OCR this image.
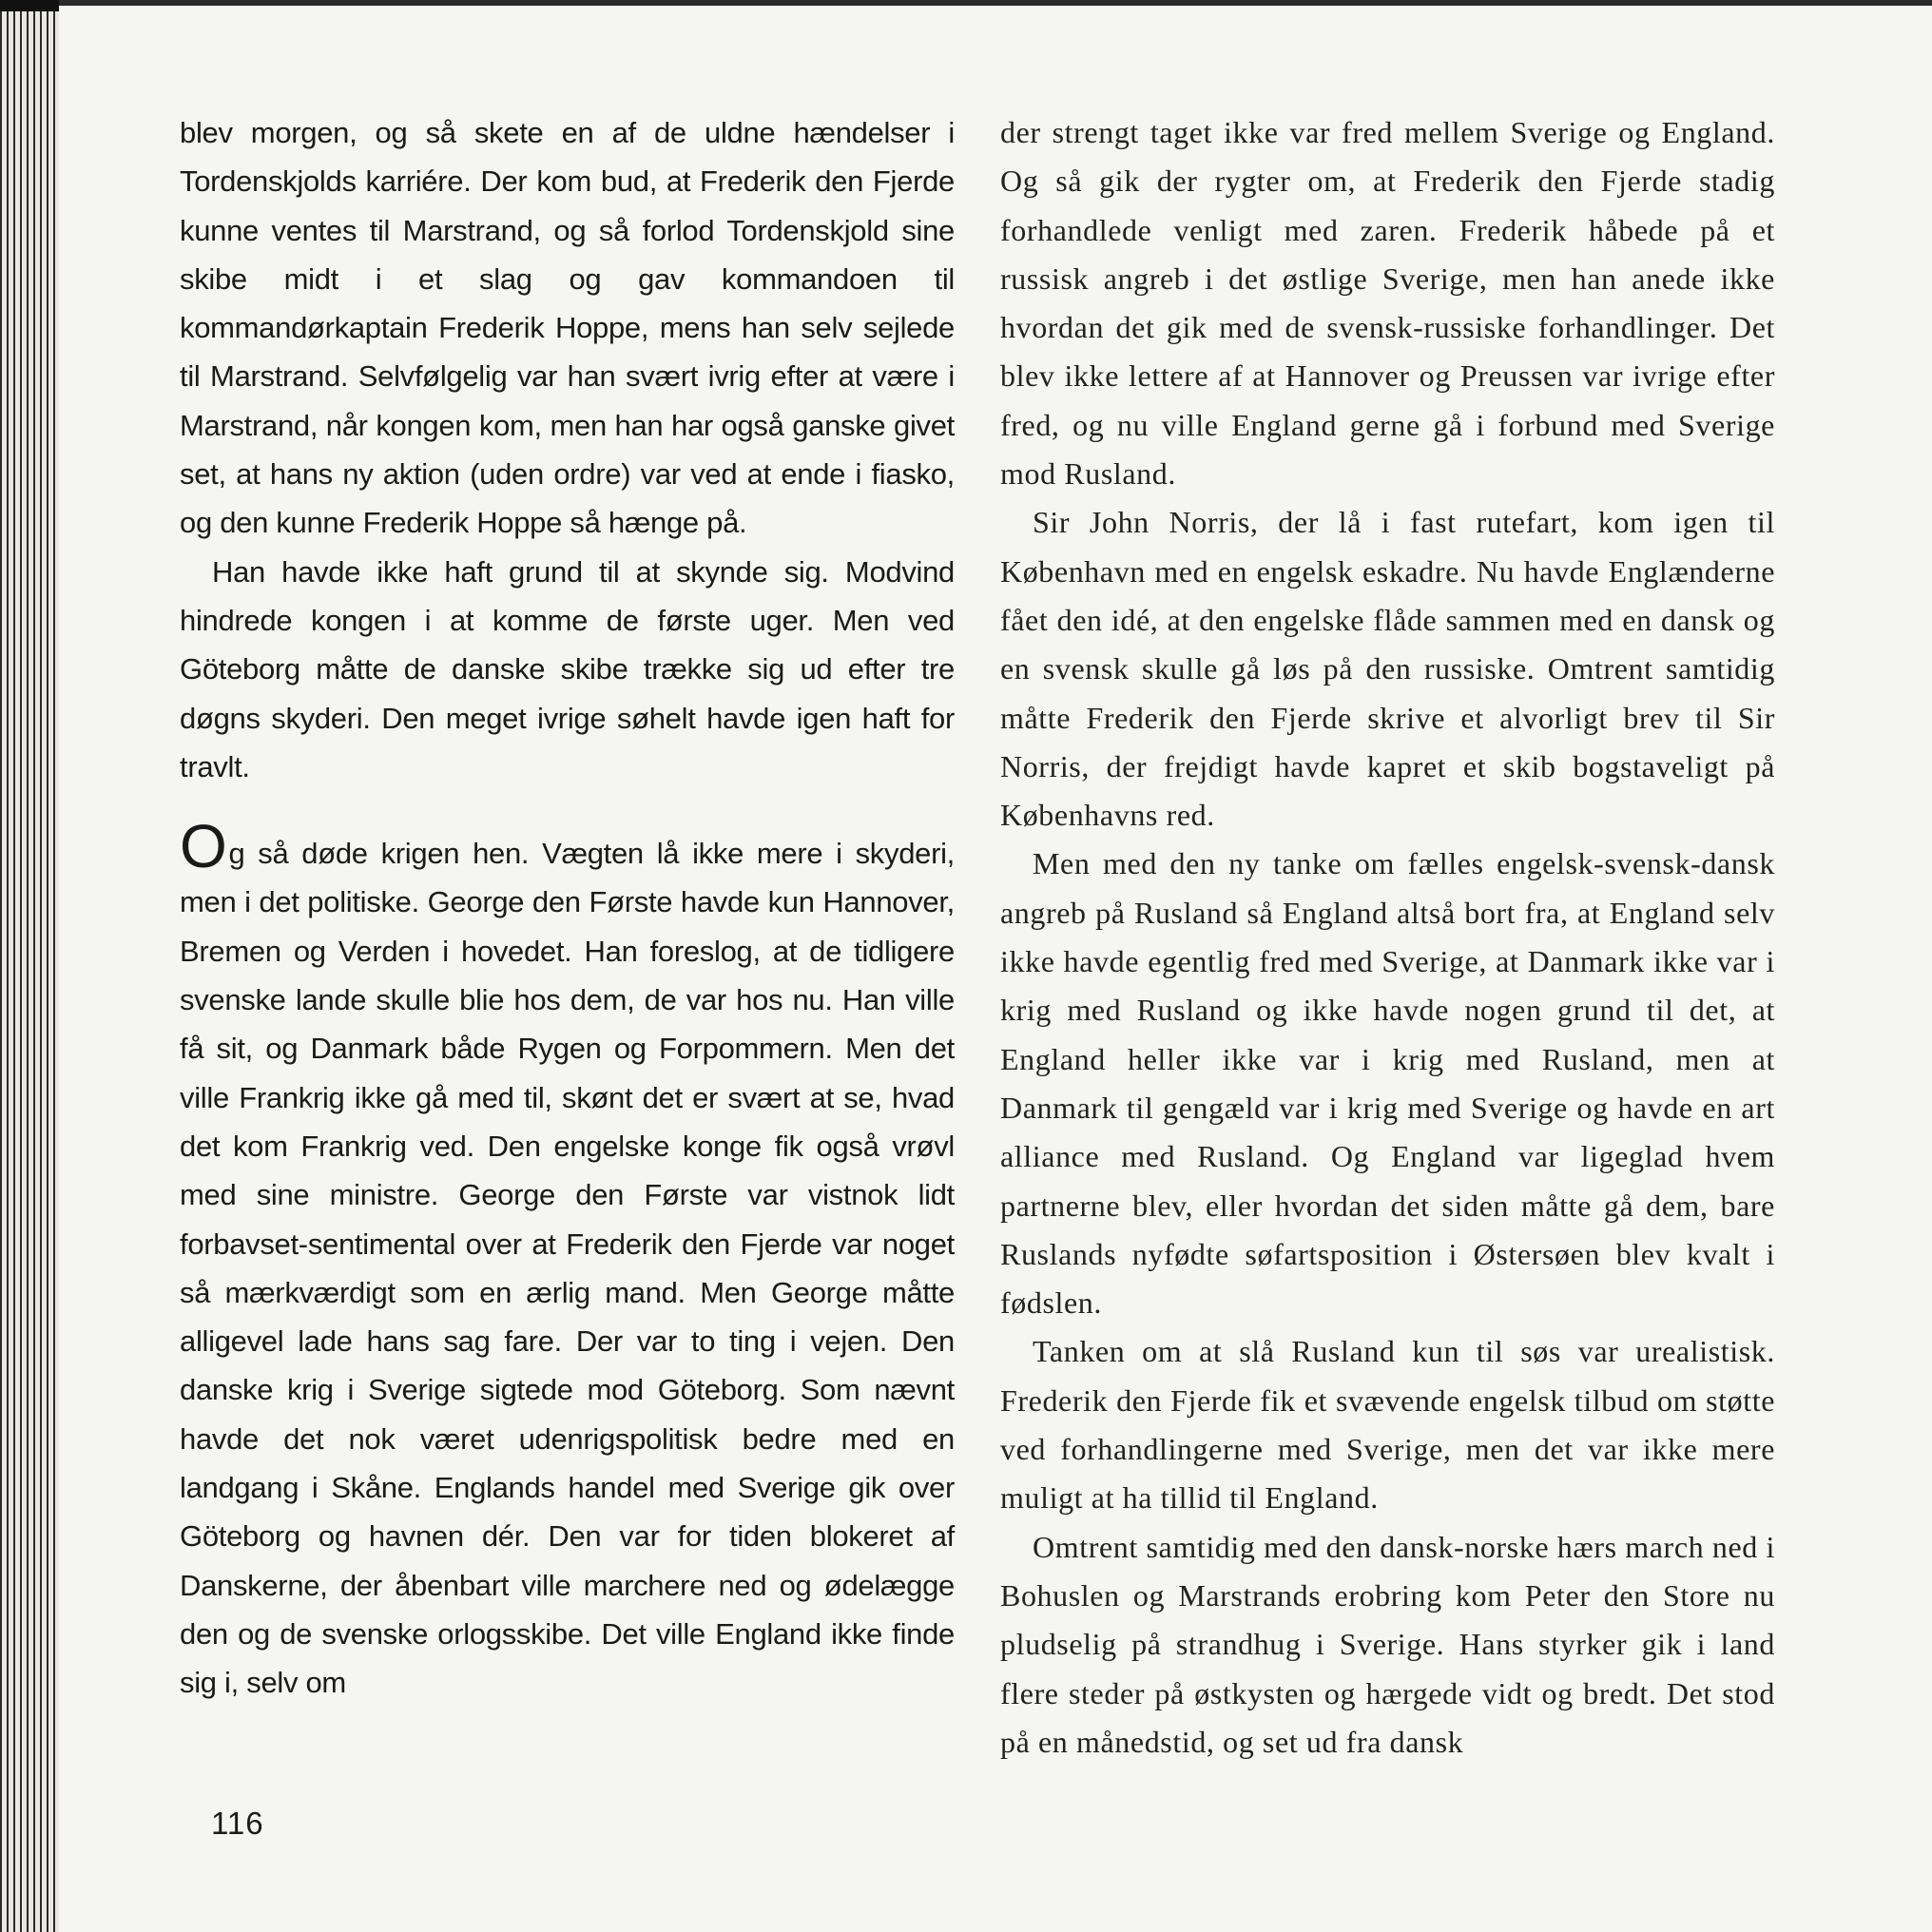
blev morgen, og så skete en af de uldne hændelser i Tordenskjolds karriére. Der kom bud, at Frederik den Fjerde kunne ventes til Marstrand, og så forlod Tordenskjold sine skibe midt i et slag og gav kommandoen til kommandørkaptain Frederik Hoppe, mens han selv sejlede til Marstrand. Selvfølgelig var han svært ivrig efter at være i Marstrand, når kongen kom, men han har også ganske givet set, at hans ny aktion (uden ordre) var ved at ende i fiasko, og den kunne Frederik Hoppe så hænge på.

Han havde ikke haft grund til at skynde sig. Modvind hindrede kongen i at komme de første uger. Men ved Göteborg måtte de danske skibe trække sig ud efter tre døgns skyderi. Den meget ivrige søhelt havde igen haft for travlt.

Og så døde krigen hen. Vægten lå ikke mere i skyderi, men i det politiske. George den Første havde kun Hannover, Bremen og Verden i hovedet. Han foreslog, at de tidligere svenske lande skulle blie hos dem, de var hos nu. Han ville få sit, og Danmark både Rygen og Forpommern. Men det ville Frankrig ikke gå med til, skønt det er svært at se, hvad det kom Frankrig ved. Den engelske konge fik også vrøvl med sine ministre. George den Første var vistnok lidt forbavset-sentimental over at Frederik den Fjerde var noget så mærkværdigt som en ærlig mand. Men George måtte alligevel lade hans sag fare. Der var to ting i vejen. Den danske krig i Sverige sigtede mod Göteborg. Som nævnt havde det nok været udenrigspolitisk bedre med en landgang i Skåne. Englands handel med Sverige gik over Göteborg og havnen dér. Den var for tiden blokeret af Danskerne, der åbenbart ville marchere ned og ødelægge den og de svenske orlogsskibe. Det ville England ikke finde sig i, selv om

der strengt taget ikke var fred mellem Sverige og England. Og så gik der rygter om, at Frederik den Fjerde stadig forhandlede venligt med zaren. Frederik håbede på et russisk angreb i det østlige Sverige, men han anede ikke hvordan det gik med de svensk-russiske forhandlinger. Det blev ikke lettere af at Hannover og Preussen var ivrige efter fred, og nu ville England gerne gå i forbund med Sverige mod Rusland.

Sir John Norris, der lå i fast rutefart, kom igen til København med en engelsk eskadre. Nu havde Englænderne fået den idé, at den engelske flåde sammen med en dansk og en svensk skulle gå løs på den russiske. Omtrent samtidig måtte Frederik den Fjerde skrive et alvorligt brev til Sir Norris, der frejdigt havde kapret et skib bogstaveligt på Københavns red.

Men med den ny tanke om fælles engelsk-svensk-dansk angreb på Rusland så England altså bort fra, at England selv ikke havde egentlig fred med Sverige, at Danmark ikke var i krig med Rusland og ikke havde nogen grund til det, at England heller ikke var i krig med Rusland, men at Danmark til gengæld var i krig med Sverige og havde en art alliance med Rusland. Og England var ligeglad hvem partnerne blev, eller hvordan det siden måtte gå dem, bare Ruslands nyfødte søfartsposition i Østersøen blev kvalt i fødslen.

Tanken om at slå Rusland kun til søs var urealistisk. Frederik den Fjerde fik et svævende engelsk tilbud om støtte ved forhandlingerne med Sverige, men det var ikke mere muligt at ha tillid til England.

Omtrent samtidig med den dansk-norske hærs march ned i Bohuslen og Marstrands erobring kom Peter den Store nu pludselig på strandhug i Sverige. Hans styrker gik i land flere steder på østkysten og hærgede vidt og bredt. Det stod på en månedstid, og set ud fra dansk

116
